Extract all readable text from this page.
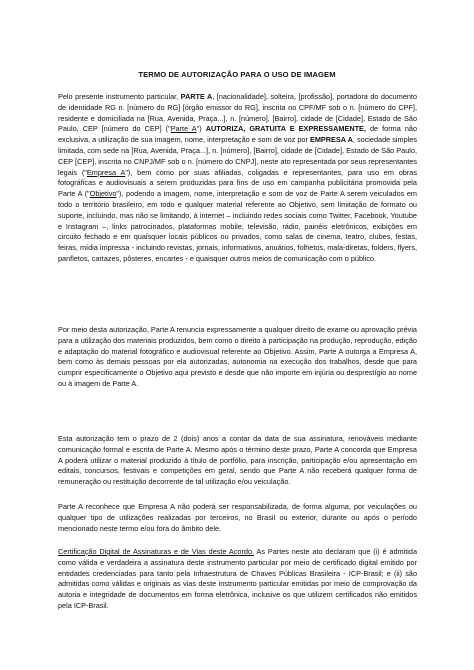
TERMO DE AUTORIZAÇÃO PARA O USO DE IMAGEM

Pelo presente instrumento particular, PARTE A, [nacionalidade], solteira, [profissão], portadora do documento de identidade RG n. [número do RG] [órgão emissor do RG], inscrita no CPF/MF sob o n. [número do CPF], residente e domiciliada na [Rua, Avenida, Praça...], n. [número], [Bairro], cidade de [Cidade], Estado de São Paulo, CEP [número do CEP] ("Parte A") AUTORIZA, GRATUITA E EXPRESSAMENTE, de forma não exclusiva, a utilização de sua imagem, nome, interpretação e som de voz por EMPRESA A, sociedade simples limitada, com sede na [Rua, Avenida, Praça...], n. [número], [Bairro], cidade de [Cidade], Estado de São Paulo, CEP [CEP], inscrita no CNPJ/MF sob o n. [número do CNPJ], neste ato representada por seus representantes legais ("Empresa A"), bem como por suas afiliadas, coligadas e representantes, para uso em obras fotográficas e audiovisuais a serem produzidas para fins de uso em campanha publicitária promovida pela Parte A ("Objetivo"), podendo a imagem, nome, interpretação e som de voz de Parte A serem veiculados em todo o território brasileiro, em todo e qualquer material referente ao Objetivo, sem limitação de formato ou suporte, incluindo, mas não se limitando, à internet – incluindo redes sociais como Twitter, Facebook, Youtube e Instagram –, links patrocinados, plataformas mobile, televisão, rádio, painéis eletrônicos, exibições em circuito fechado e em quaisquer locais públicos ou privados, como salas de cinema, teatro, clubes, festas, feiras, mídia impressa - incluindo revistas, jornais, informativos, anuários, folhetos, mala-diretas, folders, flyers, panfletos, cartazes, pôsteres, encartes - e quaisquer outros meios de comunicação com o público.

Por meio desta autorização, Parte A renuncia expressamente a qualquer direito de exame ou aprovação prévia para a utilização dos materiais produzidos, bem como o direito à participação na produção, reprodução, edição e adaptação do material fotográfico e audiovisual referente ao Objetivo. Assim, Parte A outorga a Empresa A, bem como às demais pessoas por ela autorizadas, autonomia na execução dos trabalhos, desde que para cumprir especificamente o Objetivo aqui previsto e desde que não importe em injúria ou desprestígio ao nome ou à imagem de Parte A.

Esta autorização tem o prazo de 2 (dois) anos a contar da data de sua assinatura, renováveis mediante comunicação formal e escrita de Parte A. Mesmo após o término deste prazo, Parte A concorda que Empresa A poderá utilizar o material produzido à título de portfólio, para inscrição, participação e/ou apresentação em editais, concursos, festivais e competições em geral, sendo que Parte A não receberá qualquer forma de remuneração ou restituição decorrente de tal utilização e/ou veiculação.

Parte A reconhece que Empresa A não poderá ser responsabilizada, de forma alguma, por veiculações ou qualquer tipo de utilizações realizadas por terceiros, no Brasil ou exterior, durante ou após o período mencionado neste termo e/ou fora do âmbito dele.

Certificação Digital de Assinaturas e de Vias deste Acordo. As Partes neste ato declaram que (i) é admitida como válida e verdadeira a assinatura deste instrumento particular por meio de certificado digital emitido por entidades credenciadas para tanto pela Infraestrutura de Chaves Públicas Brasileira - ICP-Brasil; e (ii) são admitidas como válidas e originais as vias deste instrumento particular emitidas por meio de comprovação da autoria e integridade de documentos em forma eletrônica, inclusive os que utilizem certificados não emitidos pela ICP-Brasil.
